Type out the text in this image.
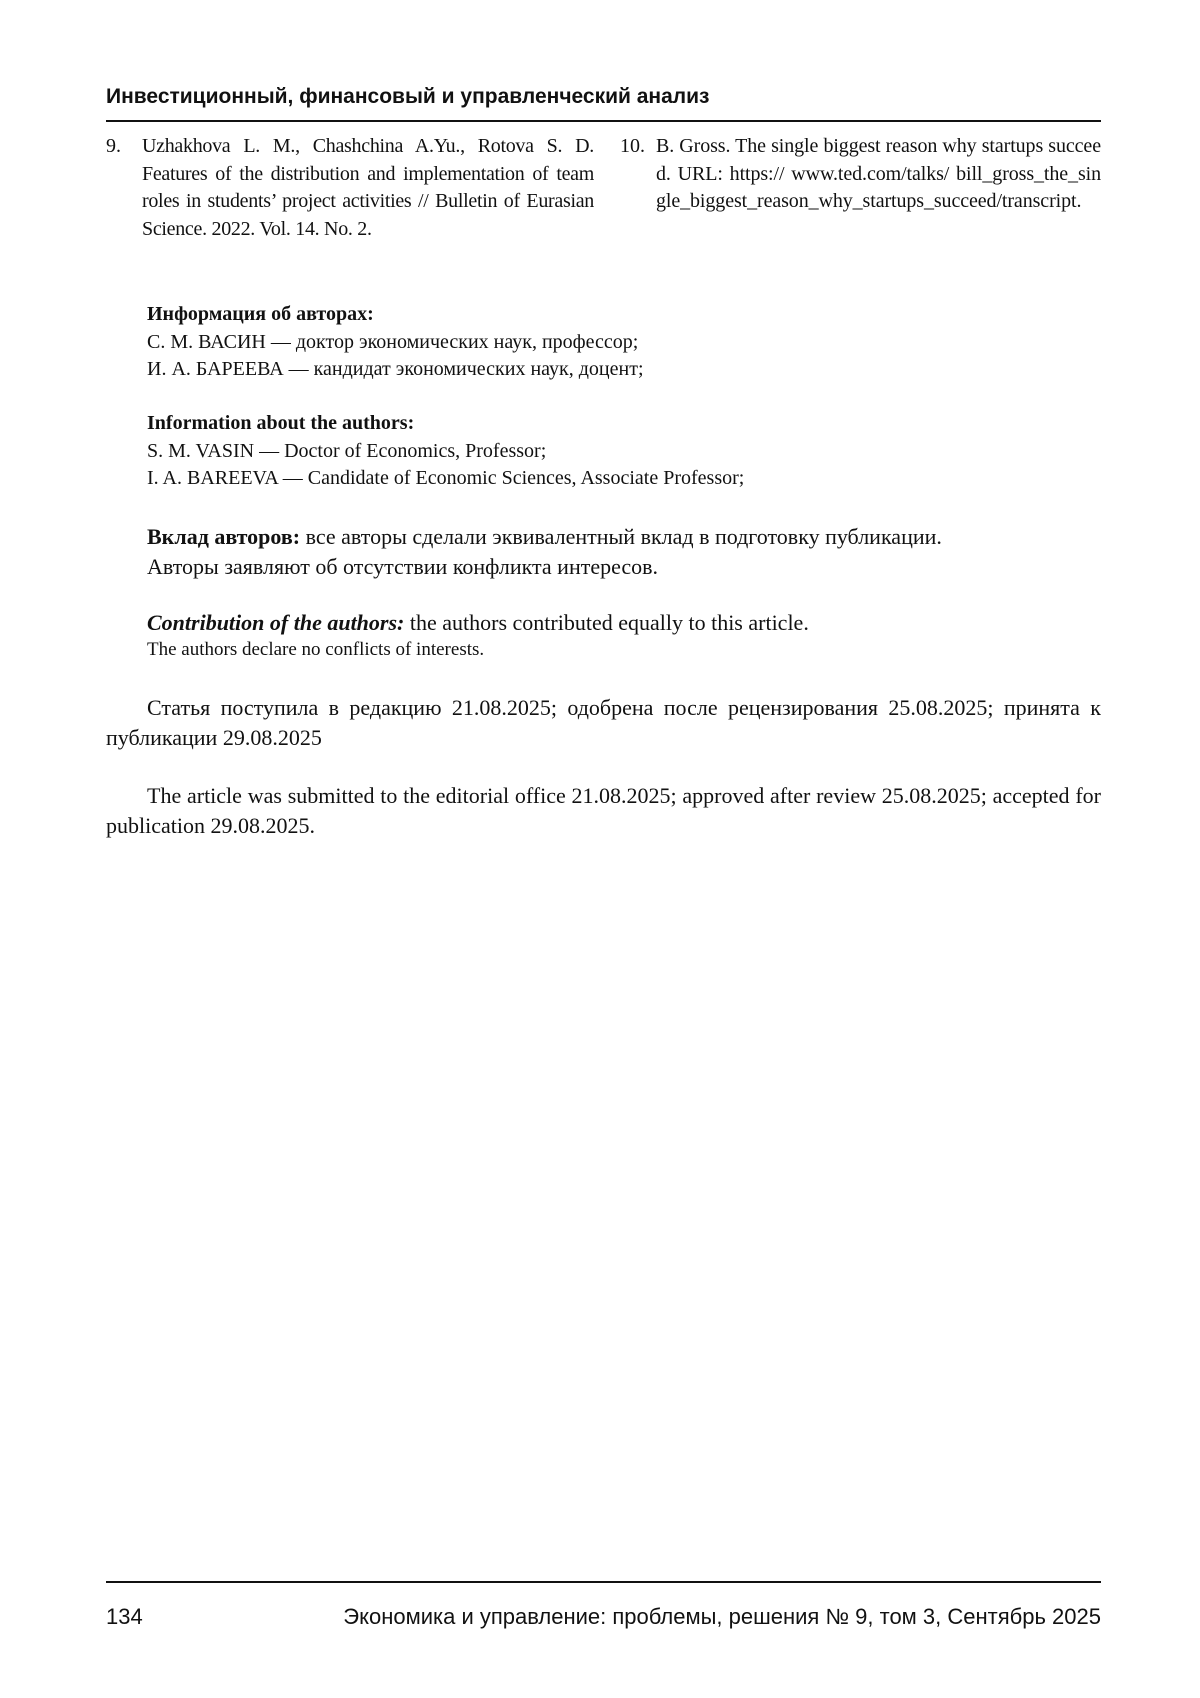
Инвестиционный, финансовый и управленческий анализ
9.	Uzhakhova L. M., Chashchina A.Yu., Rotova S. D. Features of the distribution and implementation of team roles in students’ project activities // Bulletin of Eurasian Science. 2022. Vol. 14. No. 2.
10. B. Gross. The single biggest reason why startups succeed. URL: https:// www.ted.com/talks/ bill_gross_the_single_biggest_reason_why_startups_succeed/transcript.
Информация об авторах:
С. М. ВАСИН — доктор экономических наук, профессор;
И. А. БАРЕЕВА — кандидат экономических наук, доцент;
Information about the authors:
S. M. VASIN — Doctor of Economics, Professor;
I. A. BAREEVA — Candidate of Economic Sciences, Associate Professor;
Вклад авторов: все авторы сделали эквивалентный вклад в подготовку публикации.
Авторы заявляют об отсутствии конфликта интересов.
Contribution of the authors: the authors contributed equally to this article.
The authors declare no conflicts of interests.
Статья поступила в редакцию 21.08.2025; одобрена после рецензирования 25.08.2025; принята к публикации 29.08.2025
The article was submitted to the editorial office 21.08.2025; approved after review 25.08.2025; accepted for publication 29.08.2025.
134	Экономика и управление: проблемы, решения № 9, том 3, Сентябрь 2025
